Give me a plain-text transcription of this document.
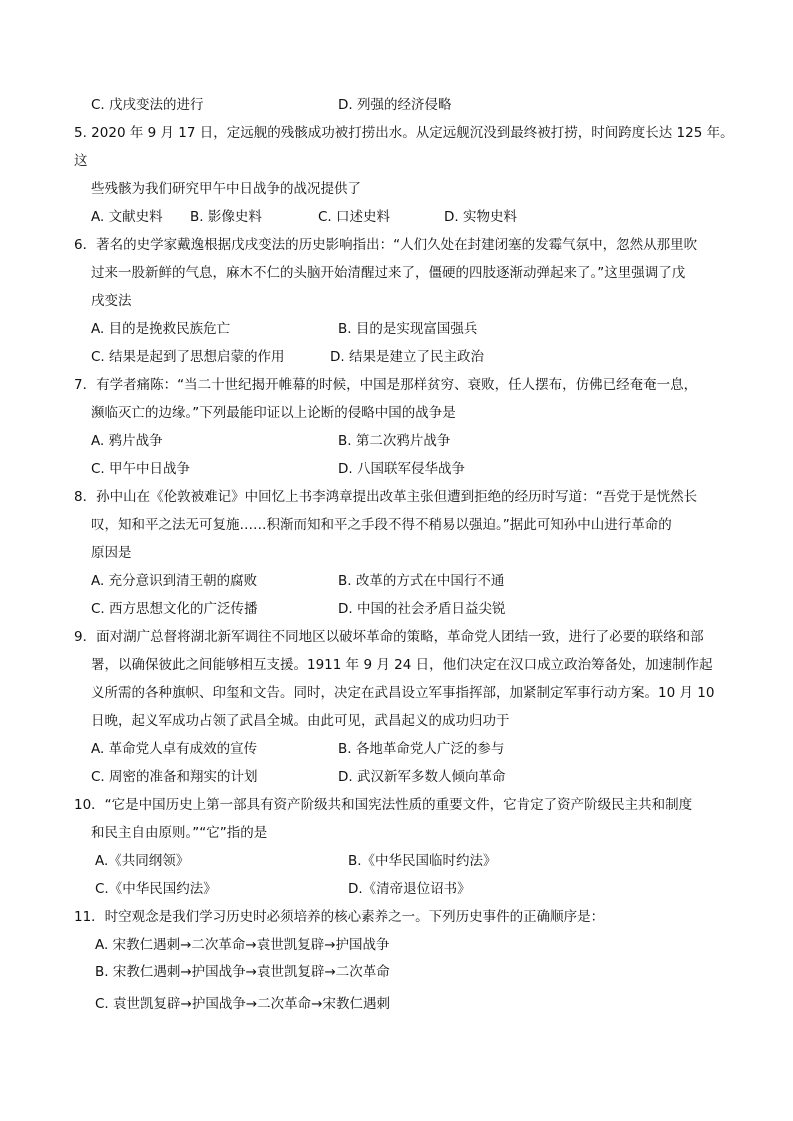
C. 戊戌变法的进行	D. 列强的经济侵略
5. 2020 年 9 月 17 日，定远舰的残骸成功被打捞出水。从定远舰沉没到最终被打捞，时间跨度长达 125 年。
这
些残骸为我们研究甲午中日战争的战况提供了
A. 文献史料 B. 影像史料	C. 口述史料	D. 实物史料
6．著名的史学家戴逸根据戊戌变法的历史影响指出：“人们久处在封建闭塞的发霉气氛中，忽然从那里吹
过来一股新鲜的气息，麻木不仁的头脑开始清醒过来了，僵硬的四肢逐渐动弹起来了。”这里强调了戊
戌变法
A. 目的是挽救民族危亡	B. 目的是实现富国强兵
C. 结果是起到了思想启蒙的作用	D. 结果是建立了民主政治
7．有学者痛陈：“当二十世纪揭开帷幕的时候，中国是那样贫穷、衰败，任人摆布，仿佛已经奄奄一息，
濒临灭亡的边缘。”下列最能印证以上论断的侵略中国的战争是
A. 鸦片战争	B. 第二次鸦片战争
C. 甲午中日战争	D. 八国联军侵华战争
8．孙中山在《伦敦被难记》中回忆上书李鸿章提出改革主张但遭到拒绝的经历时写道：“吾党于是恍然长
叹，知和平之法无可复施……积渐而知和平之手段不得不稍易以强迫。”据此可知孙中山进行革命的
原因是
A. 充分意识到清王朝的腐败	B. 改革的方式在中国行不通
C. 西方思想文化的广泛传播	D. 中国的社会矛盾日益尖锐
9．面对湖广总督将湖北新军调往不同地区以破坏革命的策略，革命党人团结一致，进行了必要的联络和部
署，以确保彼此之间能够相互支援。1911 年 9 月 24 日，他们决定在汉口成立政治筹备处，加速制作起
义所需的各种旗帜、印玺和文告。同时，决定在武昌设立军事指挥部，加紧制定军事行动方案。10 月 10
日晚，起义军成功占领了武昌全城。由此可见，武昌起义的成功归功于
A. 革命党人卓有成效的宣传	B. 各地革命党人广泛的参与
C. 周密的准备和翔实的计划	D. 武汉新军多数人倾向革命
10．“它是中国历史上第一部具有资产阶级共和国宪法性质的重要文件，它肯定了资产阶级民主共和制度
和民主自由原则。”“它”指的是
A.《共同纲领》	B.《中华民国临时约法》
C.《中华民国约法》	D.《清帝退位诏书》
11．时空观念是我们学习历史时必须培养的核心素养之一。下列历史事件的正确顺序是：
A. 宋教仁遇刺→二次革命→袁世凯复辟→护国战争
B. 宋教仁遇刺→护国战争→袁世凯复辟→二次革命
C. 袁世凯复辟→护国战争→二次革命→宋教仁遇刺
